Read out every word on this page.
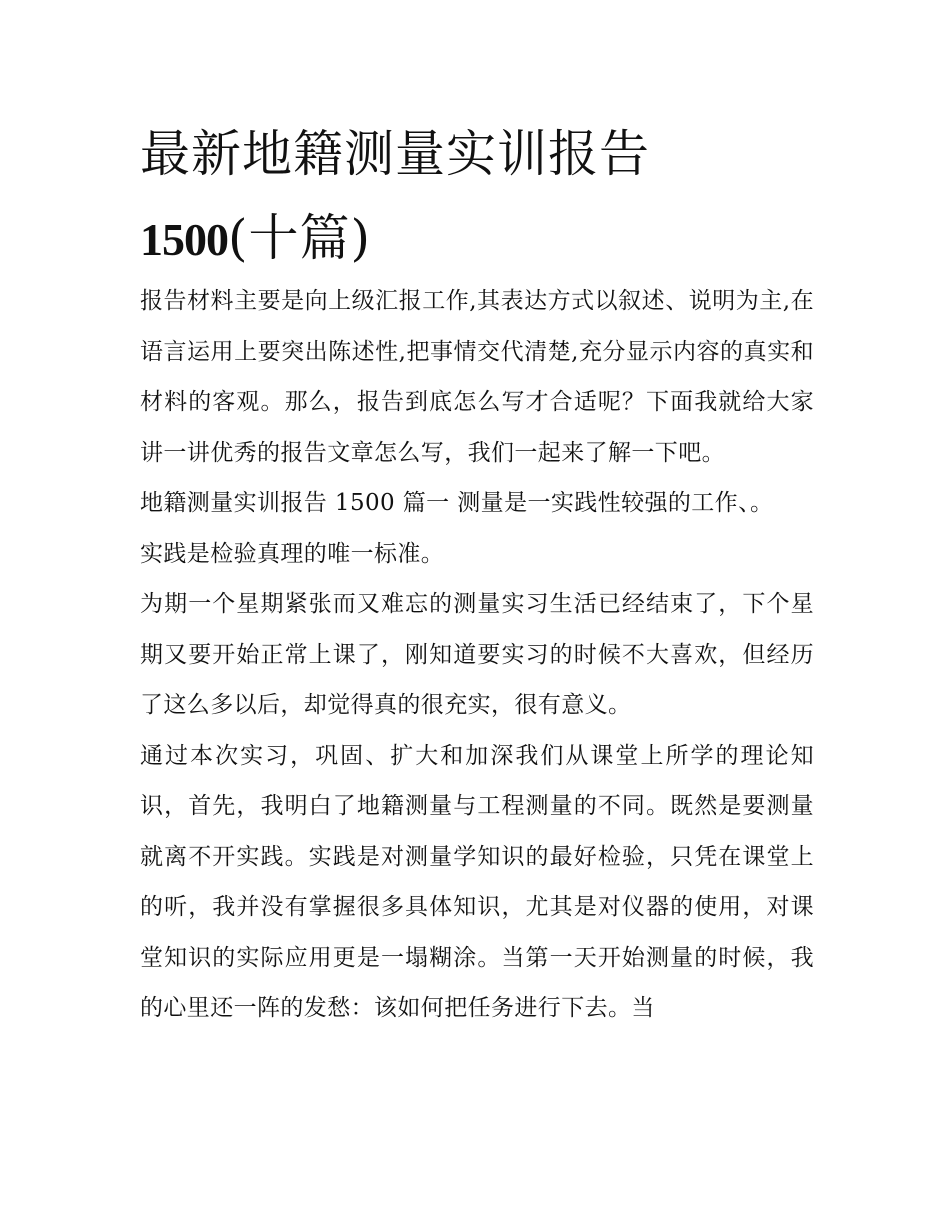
最新地籍测量实训报告
1500(十篇)

报告材料主要是向上级汇报工作,其表达方式以叙述、说明为主,在语言运用上要突出陈述性,把事情交代清楚,充分显示内容的真实和材料的客观。那么，报告到底怎么写才合适呢？下面我就给大家讲一讲优秀的报告文章怎么写，我们一起来了解一下吧。

地籍测量实训报告 1500 篇一 测量是一实践性较强的工作、。

实践是检验真理的唯一标准。

为期一个星期紧张而又难忘的测量实习生活已经结束了，下个星期又要开始正常上课了，刚知道要实习的时候不大喜欢，但经历了这么多以后，却觉得真的很充实，很有意义。

通过本次实习，巩固、扩大和加深我们从课堂上所学的理论知识，首先，我明白了地籍测量与工程测量的不同。既然是要测量就离不开实践。实践是对测量学知识的最好检验，只凭在课堂上的听，我并没有掌握很多具体知识，尤其是对仪器的使用，对课堂知识的实际应用更是一塌糊涂。当第一天开始测量的时候，我的心里还一阵的发愁：该如何把任务进行下去。当
